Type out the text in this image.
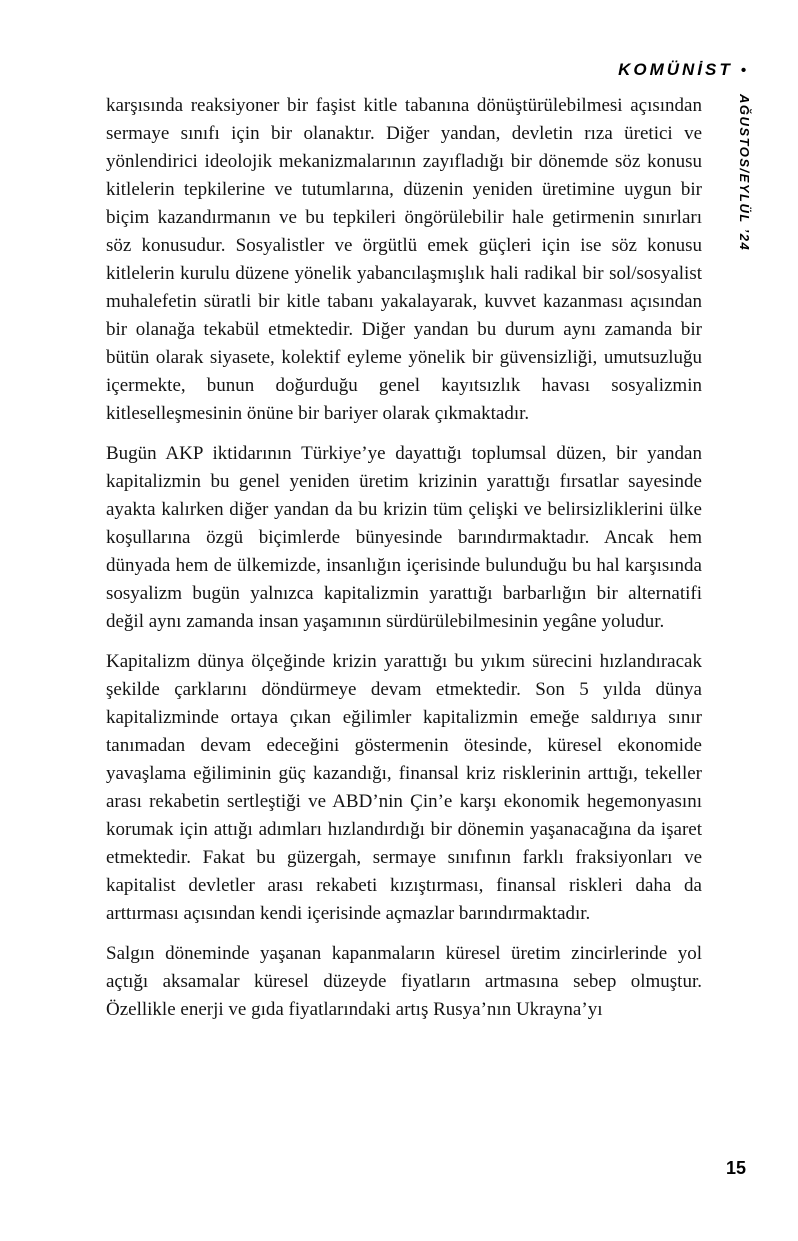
KOMÜNİST •
AĞUSTOS/EYLÜL ’24

karşısında reaksiyoner bir faşist kitle tabanına dönüştürülebilmesi açısından sermaye sınıfı için bir olanaktır. Diğer yandan, devletin rıza üretici ve yönlendirici ideolojik mekanizmalarının zayıfladığı bir dönemde söz konusu kitlelerin tepkilerine ve tutumlarına, düzenin yeniden üretimine uygun bir biçim kazandırmanın ve bu tepkileri öngörülebilir hale getirmenin sınırları söz konusudur. Sosyalistler ve örgütlü emek güçleri için ise söz konusu kitlelerin kurulu düzene yönelik yabancılaşmışlık hali radikal bir sol/sosyalist muhalefetin süratli bir kitle tabanı yakalayarak, kuvvet kazanması açısından bir olanağa tekabül etmektedir. Diğer yandan bu durum aynı zamanda bir bütün olarak siyasete, kolektif eyleme yönelik bir güvensizliği, umutsuzluğu içermekte, bunun doğurduğu genel kayıtsızlık havası sosyalizmin kitleselleşmesinin önüne bir bariyer olarak çıkmaktadır.

Bugün AKP iktidarının Türkiye’ye dayattığı toplumsal düzen, bir yandan kapitalizmin bu genel yeniden üretim krizinin yarattığı fırsatlar sayesinde ayakta kalırken diğer yandan da bu krizin tüm çelişki ve belirsizliklerini ülke koşullarına özgü biçimlerde bünyesinde barındırmaktadır. Ancak hem dünyada hem de ülkemizde, insanlığın içerisinde bulunduğu bu hal karşısında sosyalizm bugün yalnızca kapitalizmin yarattığı barbarlığın bir alternatifi değil aynı zamanda insan yaşamının sürdürülebilmesinin yegâne yoludur.

Kapitalizm dünya ölçeğinde krizin yarattığı bu yıkım sürecini hızlandıracak şekilde çarklarını döndürmeye devam etmektedir. Son 5 yılda dünya kapitalizminde ortaya çıkan eğilimler kapitalizmin emeğe saldırıya sınır tanımadan devam edeceğini göstermenin ötesinde, küresel ekonomide yavaşlama eğiliminin güç kazandığı, finansal kriz risklerinin arttığı, tekeller arası rekabetin sertleştiği ve ABD’nin Çin’e karşı ekonomik hegemonyasını korumak için attığı adımları hızlandırdığı bir dönemin yaşanacağına da işaret etmektedir. Fakat bu güzergah, sermaye sınıfının farklı fraksiyonları ve kapitalist devletler arası rekabeti kızıştırması, finansal riskleri daha da arttırması açısından kendi içerisinde açmazlar barındırmaktadır.

Salgın döneminde yaşanan kapanmaların küresel üretim zincirlerinde yol açtığı aksamalar küresel düzeyde fiyatların artmasına sebep olmuştur. Özellikle enerji ve gıda fiyatlarındaki artış Rusya’nın Ukrayna’yı

15
